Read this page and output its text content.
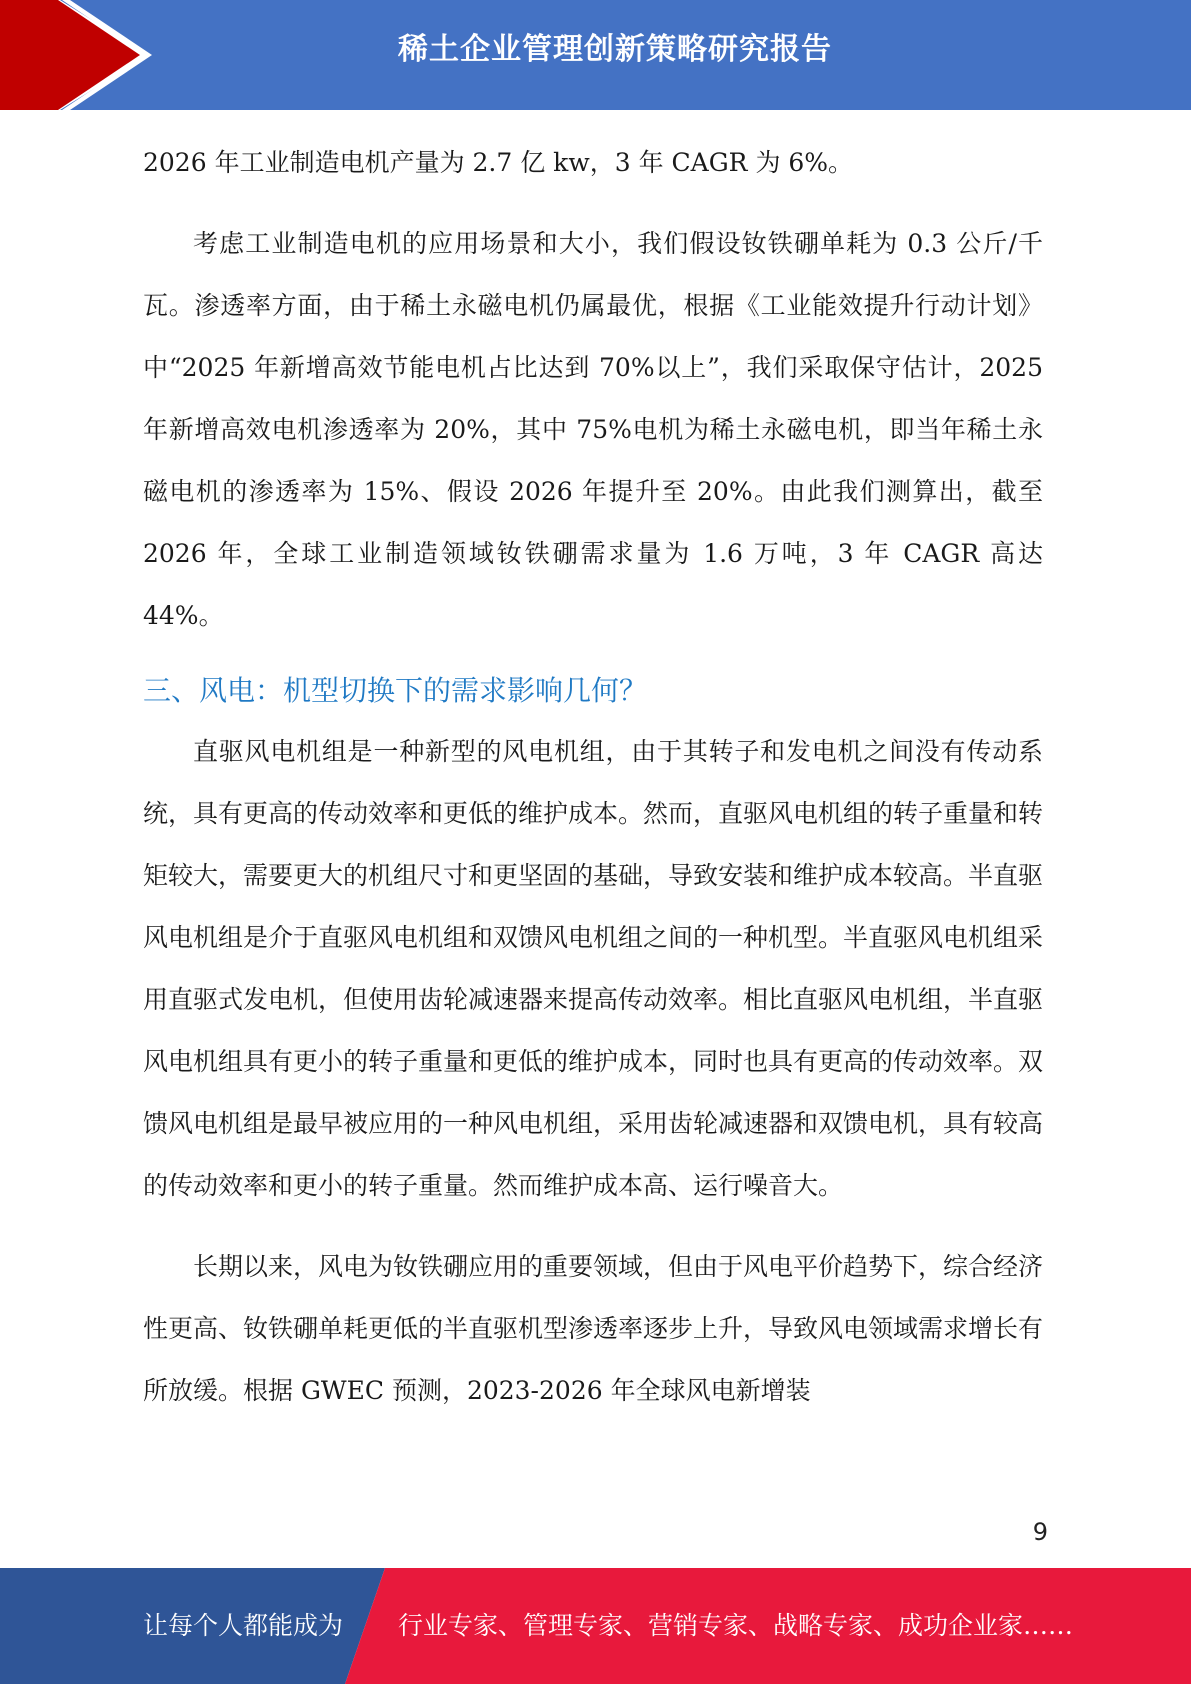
稀土企业管理创新策略研究报告

2026 年工业制造电机产量为 2.7 亿 kw，3 年 CAGR 为 6%。

考虑工业制造电机的应用场景和大小，我们假设钕铁硼单耗为 0.3 公斤/千瓦。渗透率方面，由于稀土永磁电机仍属最优，根据《工业能效提升行动计划》中“2025 年新增高效节能电机占比达到 70%以上”，我们采取保守估计，2025 年新增高效电机渗透率为 20%，其中 75%电机为稀土永磁电机，即当年稀土永磁电机的渗透率为 15%、假设 2026 年提升至 20%。由此我们测算出，截至 2026 年，全球工业制造领域钕铁硼需求量为 1.6 万吨，3 年 CAGR 高达 44%。

三、风电：机型切换下的需求影响几何？

直驱风电机组是一种新型的风电机组，由于其转子和发电机之间没有传动系统，具有更高的传动效率和更低的维护成本。然而，直驱风电机组的转子重量和转矩较大，需要更大的机组尺寸和更坚固的基础，导致安装和维护成本较高。半直驱风电机组是介于直驱风电机组和双馈风电机组之间的一种机型。半直驱风电机组采用直驱式发电机，但使用齿轮减速器来提高传动效率。相比直驱风电机组，半直驱风电机组具有更小的转子重量和更低的维护成本，同时也具有更高的传动效率。双馈风电机组是最早被应用的一种风电机组，采用齿轮减速器和双馈电机，具有较高的传动效率和更小的转子重量。然而维护成本高、运行噪音大。

长期以来，风电为钕铁硼应用的重要领域，但由于风电平价趋势下，综合经济性更高、钕铁硼单耗更低的半直驱机型渗透率逐步上升，导致风电领域需求增长有所放缓。根据 GWEC 预测，2023-2026 年全球风电新增装

9
让每个人都能成为 行业专家、管理专家、营销专家、战略专家、成功企业家……
